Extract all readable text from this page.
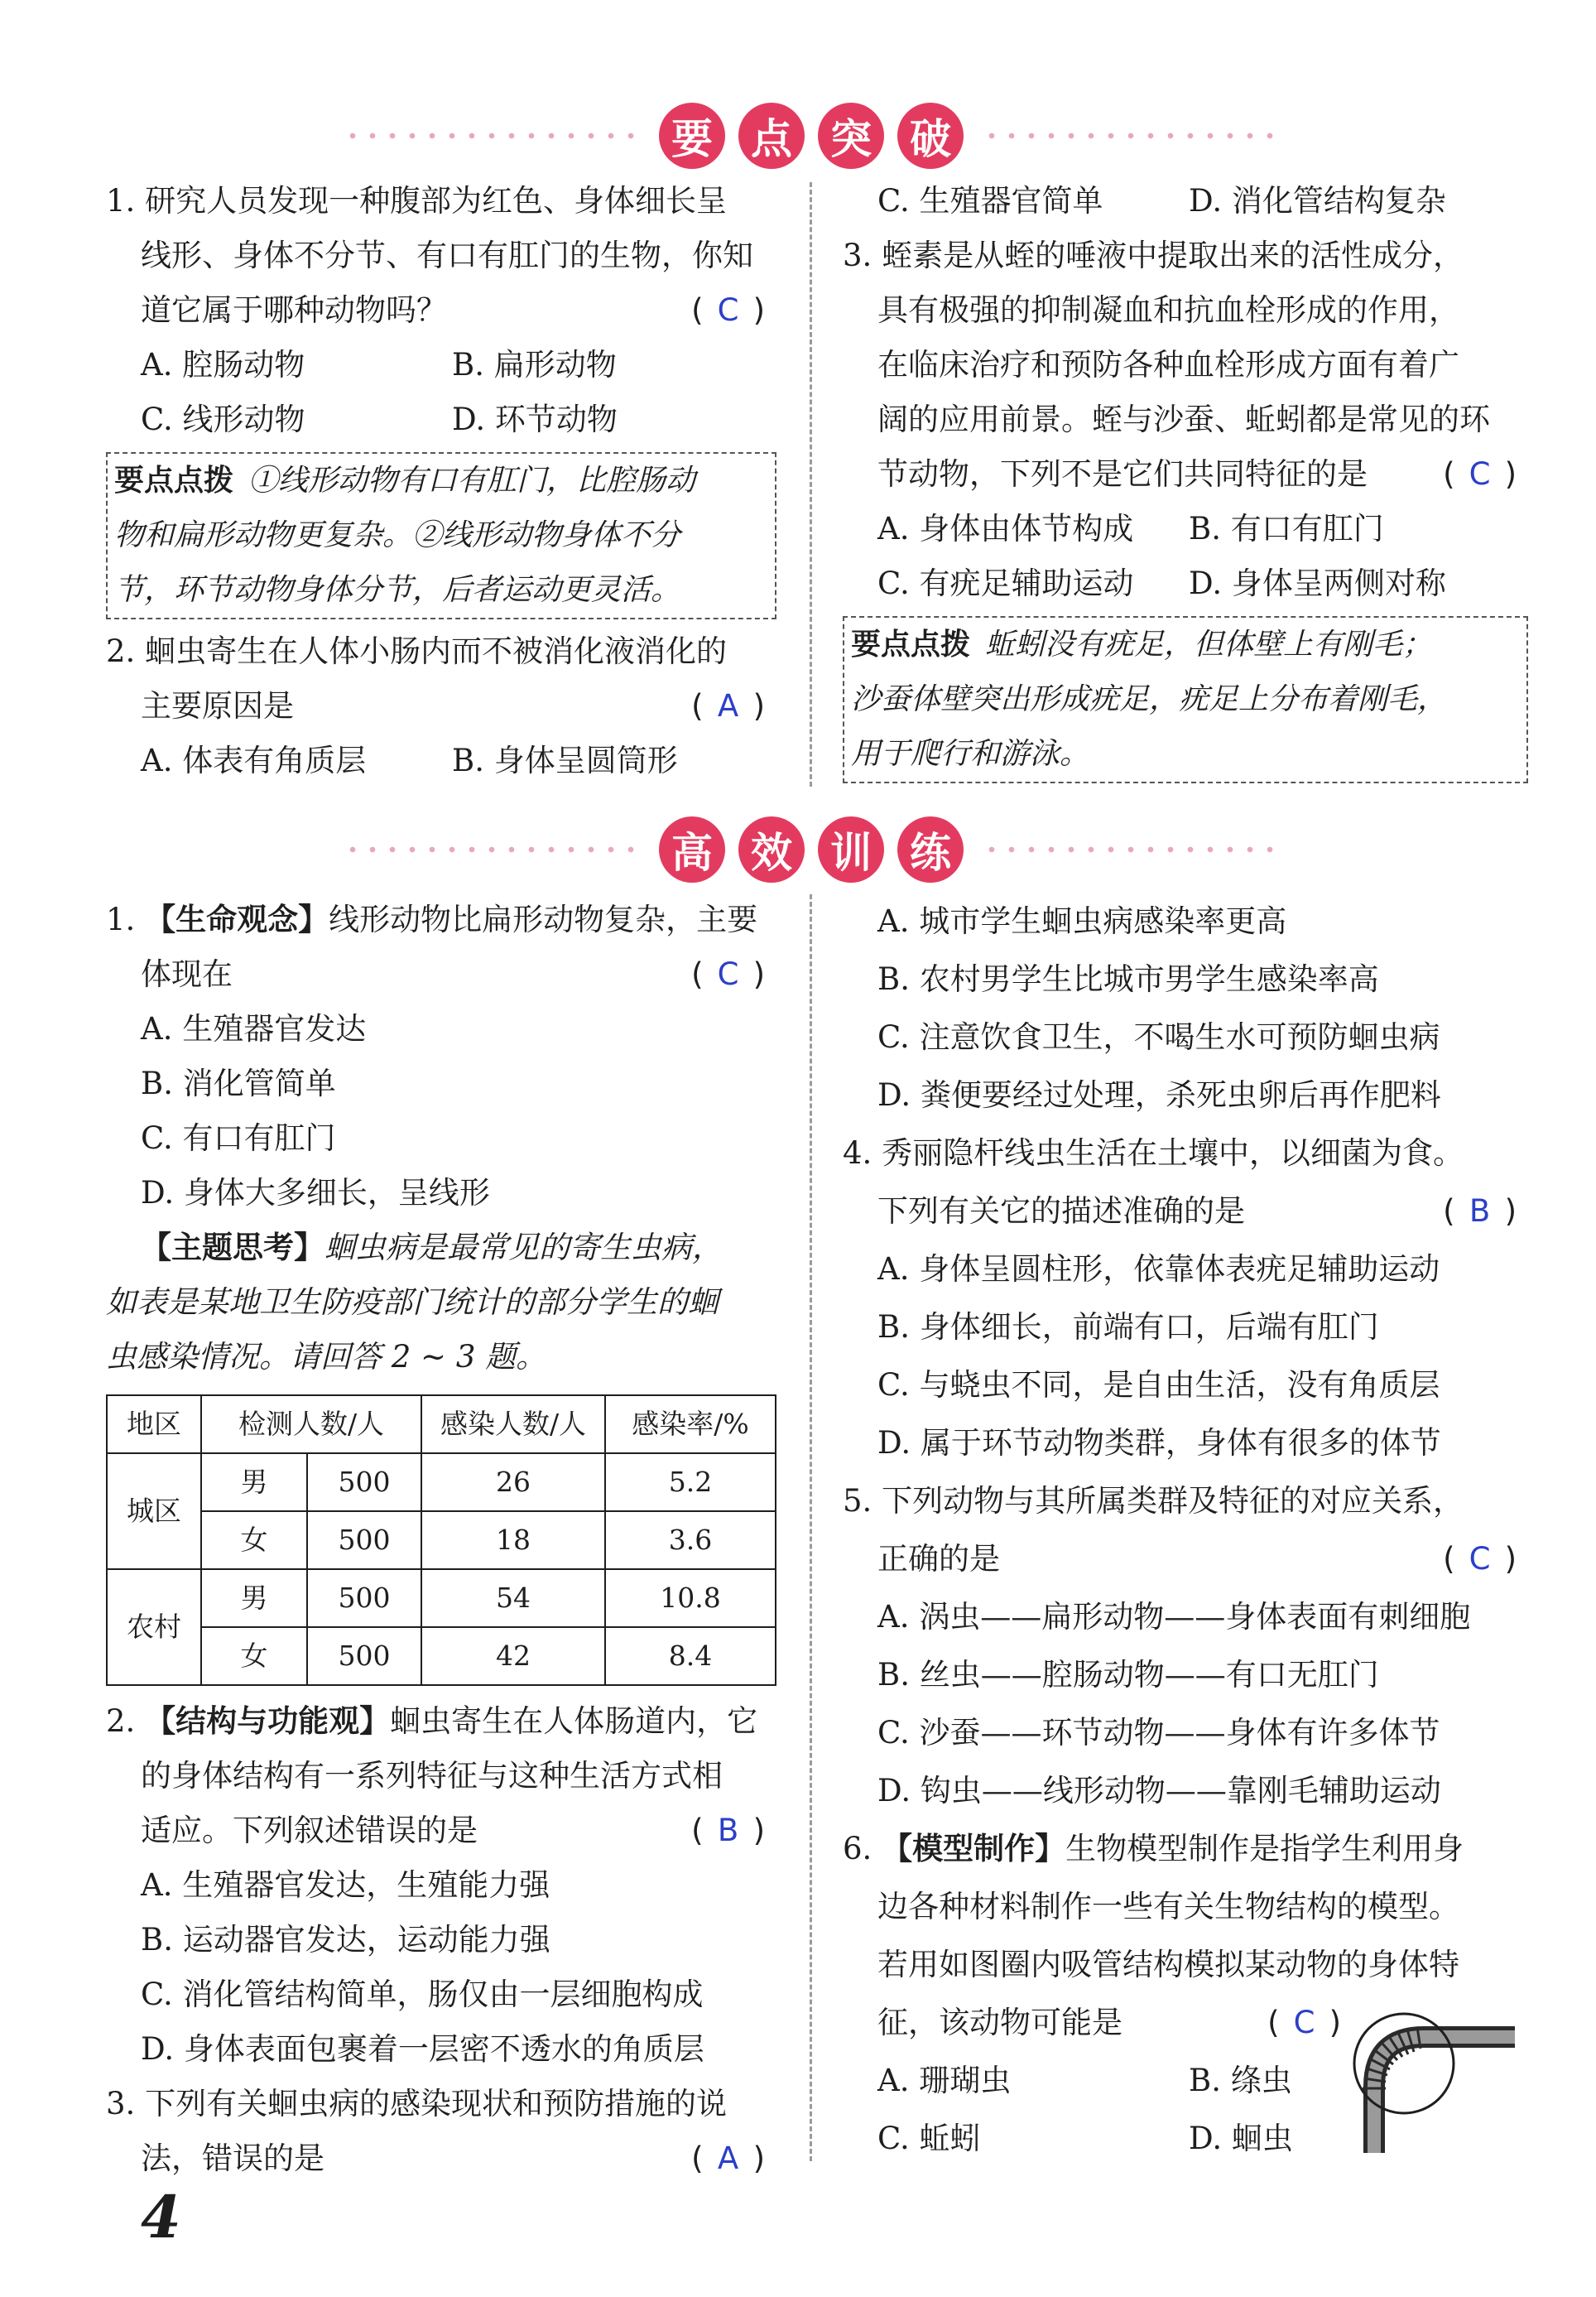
要 点 突 破
1. 研究人员发现一种腹部为红色、身体细长呈
线形、身体不分节、有口有肛门的生物，你知
道它属于哪种动物吗？	( C )
A. 腔肠动物	B. 扁形动物
C. 线形动物	D. 环节动物
要点点拨 ①线形动物有口有肛门，比腔肠动
物和扁形动物更复杂。②线形动物身体不分
节，环节动物身体分节，后者运动更灵活。
2. 蛔虫寄生在人体小肠内而不被消化液消化的
主要原因是	( A )
A. 体表有角质层	B. 身体呈圆筒形
C. 生殖器官简单	D. 消化管结构复杂
3. 蛭素是从蛭的唾液中提取出来的活性成分，
具有极强的抑制凝血和抗血栓形成的作用，
在临床治疗和预防各种血栓形成方面有着广
阔的应用前景。蛭与沙蚕、蚯蚓都是常见的环
节动物，下列不是它们共同特征的是 ( C )
A. 身体由体节构成	B. 有口有肛门
C. 有疣足辅助运动	D. 身体呈两侧对称
要点点拨 蚯蚓没有疣足，但体壁上有刚毛；
沙蚕体壁突出形成疣足，疣足上分布着刚毛，
用于爬行和游泳。
高 效 训 练
1. 【生命观念】线形动物比扁形动物复杂，主要
体现在	( C )
A. 生殖器官发达
B. 消化管简单
C. 有口有肛门
D. 身体大多细长，呈线形
【主题思考】蛔虫病是最常见的寄生虫病，
如表是某地卫生防疫部门统计的部分学生的蛔
虫感染情况。请回答 2 ~ 3 题。
地区	检测人数/人		感染人数/人	感染率/%
城区	男	500	26	5.2
	女	500	18	3.6
农村	男	500	54	10.8
	女	500	42	8.4
2. 【结构与功能观】蛔虫寄生在人体肠道内，它
的身体结构有一系列特征与这种生活方式相
适应。下列叙述错误的是	( B )
A. 生殖器官发达，生殖能力强
B. 运动器官发达，运动能力强
C. 消化管结构简单，肠仅由一层细胞构成
D. 身体表面包裹着一层密不透水的角质层
3. 下列有关蛔虫病的感染现状和预防措施的说
法，错误的是	( A )
A. 城市学生蛔虫病感染率更高
B. 农村男学生比城市男学生感染率高
C. 注意饮食卫生，不喝生水可预防蛔虫病
D. 粪便要经过处理，杀死虫卵后再作肥料
4. 秀丽隐杆线虫生活在土壤中，以细菌为食。
下列有关它的描述准确的是	( B )
A. 身体呈圆柱形，依靠体表疣足辅助运动
B. 身体细长，前端有口，后端有肛门
C. 与蛲虫不同，是自由生活，没有角质层
D. 属于环节动物类群，身体有很多的体节
5. 下列动物与其所属类群及特征的对应关系，
正确的是	( C )
A. 涡虫——扁形动物——身体表面有刺细胞
B. 丝虫——腔肠动物——有口无肛门
C. 沙蚕——环节动物——身体有许多体节
D. 钩虫——线形动物——靠刚毛辅助运动
6. 【模型制作】生物模型制作是指学生利用身
边各种材料制作一些有关生物结构的模型。
若用如图圈内吸管结构模拟某动物的身体特
征，该动物可能是	( C )
A. 珊瑚虫	B. 绦虫
C. 蚯蚓	D. 蛔虫
4
